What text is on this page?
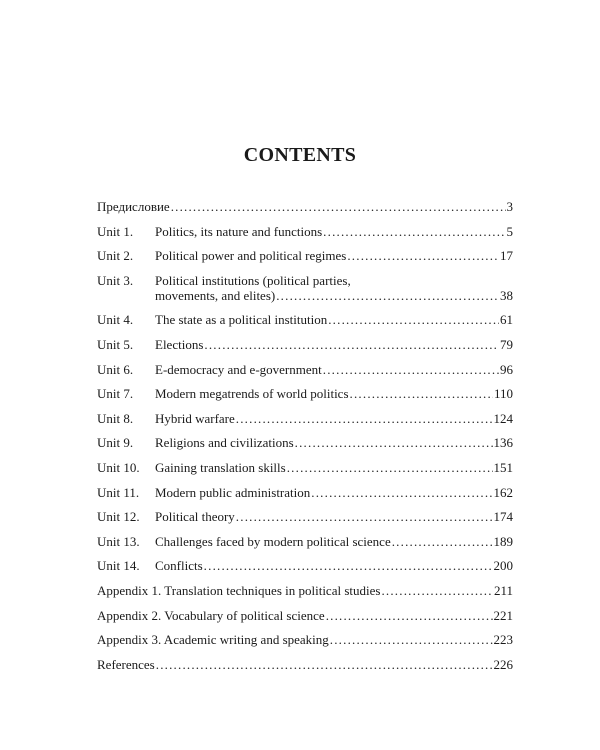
CONTENTS
Предисловие .....	3
Unit 1.	Politics, its nature and functions .....	5
Unit 2.	Political power and political regimes .....	17
Unit 3.	Political institutions (political parties,
movements, and elites) .....	38
Unit 4.	The state as a political institution .....	61
Unit 5.	Elections .....	79
Unit 6.	E-democracy and e-government .....	96
Unit 7.	Modern megatrends of world politics .....	110
Unit 8.	Hybrid warfare .....	124
Unit 9.	Religions and civilizations .....	136
Unit 10.	Gaining translation skills .....	151
Unit 11.	Modern public administration .....	162
Unit 12.	Political theory .....	174
Unit 13.	Challenges faced by modern political science .....	189
Unit 14.	Conflicts .....	200
Appendix 1. Translation techniques in political studies .....	211
Appendix 2. Vocabulary of political science .....	221
Appendix 3. Academic writing and speaking .....	223
References .....	226
